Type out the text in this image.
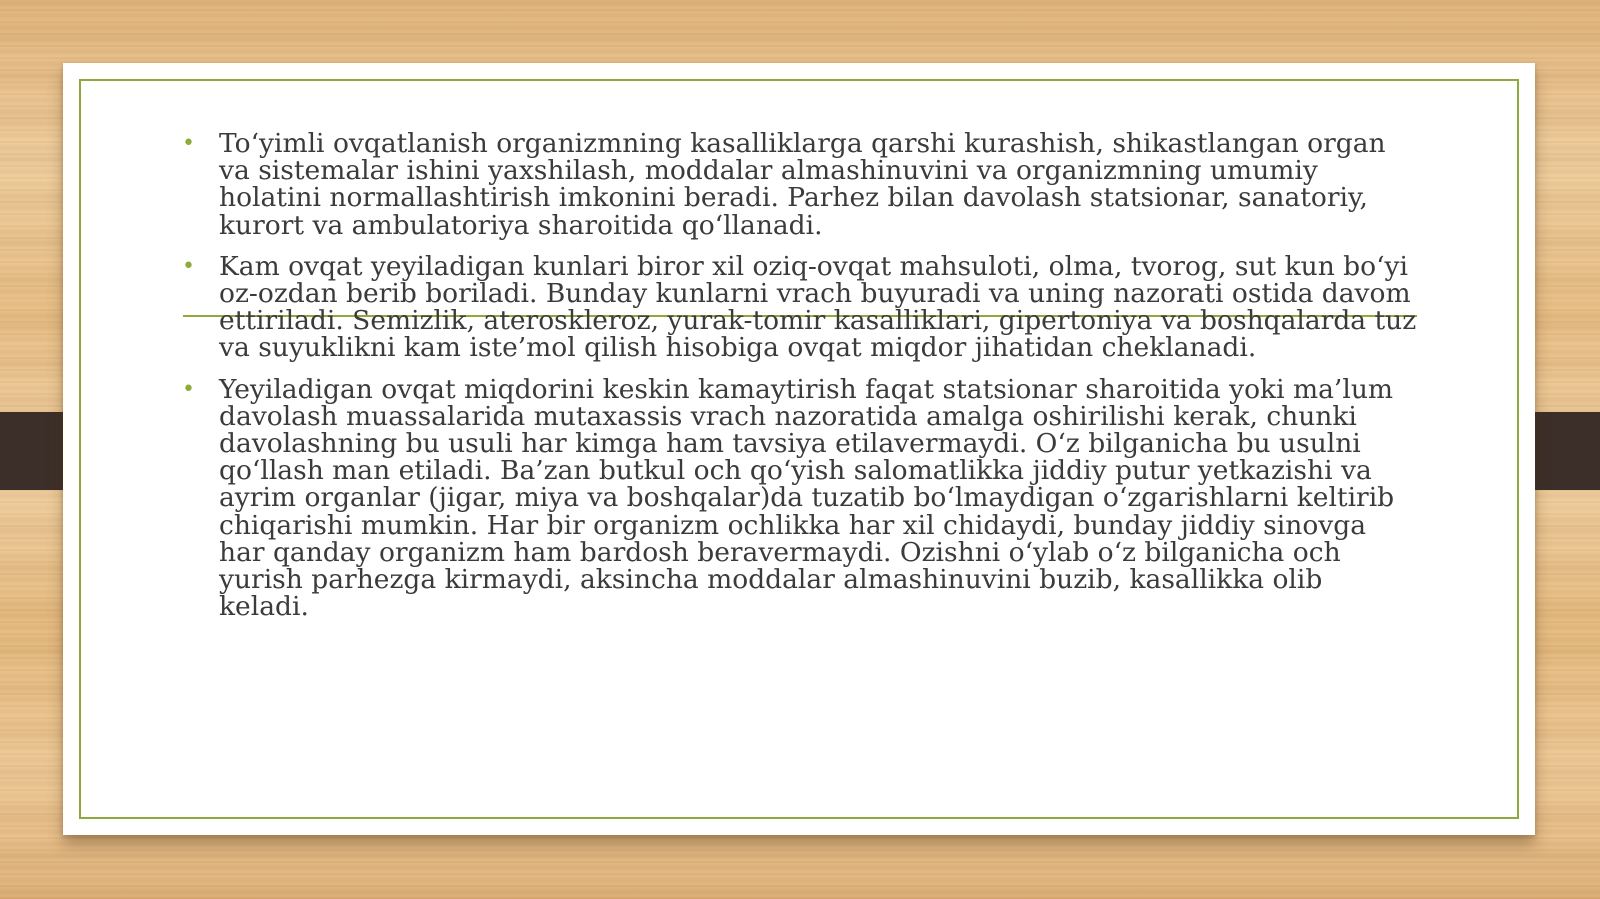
• To‘yimli ovqatlanish organizmning kasalliklarga qarshi kurashish, shikastlangan organ va sistemalar ishini yaxshilash, moddalar almashinuvini va organizmning umumiy holatini normallashtirish imkonini beradi. Parhez bilan davolash statsionar, sanatoriy, kurort va ambulatoriya sharoitida qo‘llanadi.
• Kam ovqat yeyiladigan kunlari biror xil oziq-ovqat mahsuloti, olma, tvorog, sut kun bo‘yi oz-ozdan berib boriladi. Bunday kunlarni vrach buyuradi va uning nazorati ostida davom ettiriladi. Semizlik, ateroskleroz, yurak-tomir kasalliklari, gipertoniya va boshqalarda tuz va suyuklikni kam iste’mol qilish hisobiga ovqat miqdor jihatidan cheklanadi.
• Yeyiladigan ovqat miqdorini keskin kamaytirish faqat statsionar sharoitida yoki ma’lum davolash muassalarida mutaxassis vrach nazoratida amalga oshirilishi kerak, chunki davolashning bu usuli har kimga ham tavsiya etilavermaydi. O‘z bilganicha bu usulni qo‘llash man etiladi. Ba’zan butkul och qo‘yish salomatlikka jiddiy putur yetkazishi va ayrim organlar (jigar, miya va boshqalar)da tuzatib bo‘lmaydigan o‘zgarishlarni keltirib chiqarishi mumkin. Har bir organizm ochlikka har xil chidaydi, bunday jiddiy sinovga har qanday organizm ham bardosh beravermaydi. Ozishni o‘ylab o‘z bilganicha och yurish parhezga kirmaydi, aksincha moddalar almashinuvini buzib, kasallikka olib keladi.
